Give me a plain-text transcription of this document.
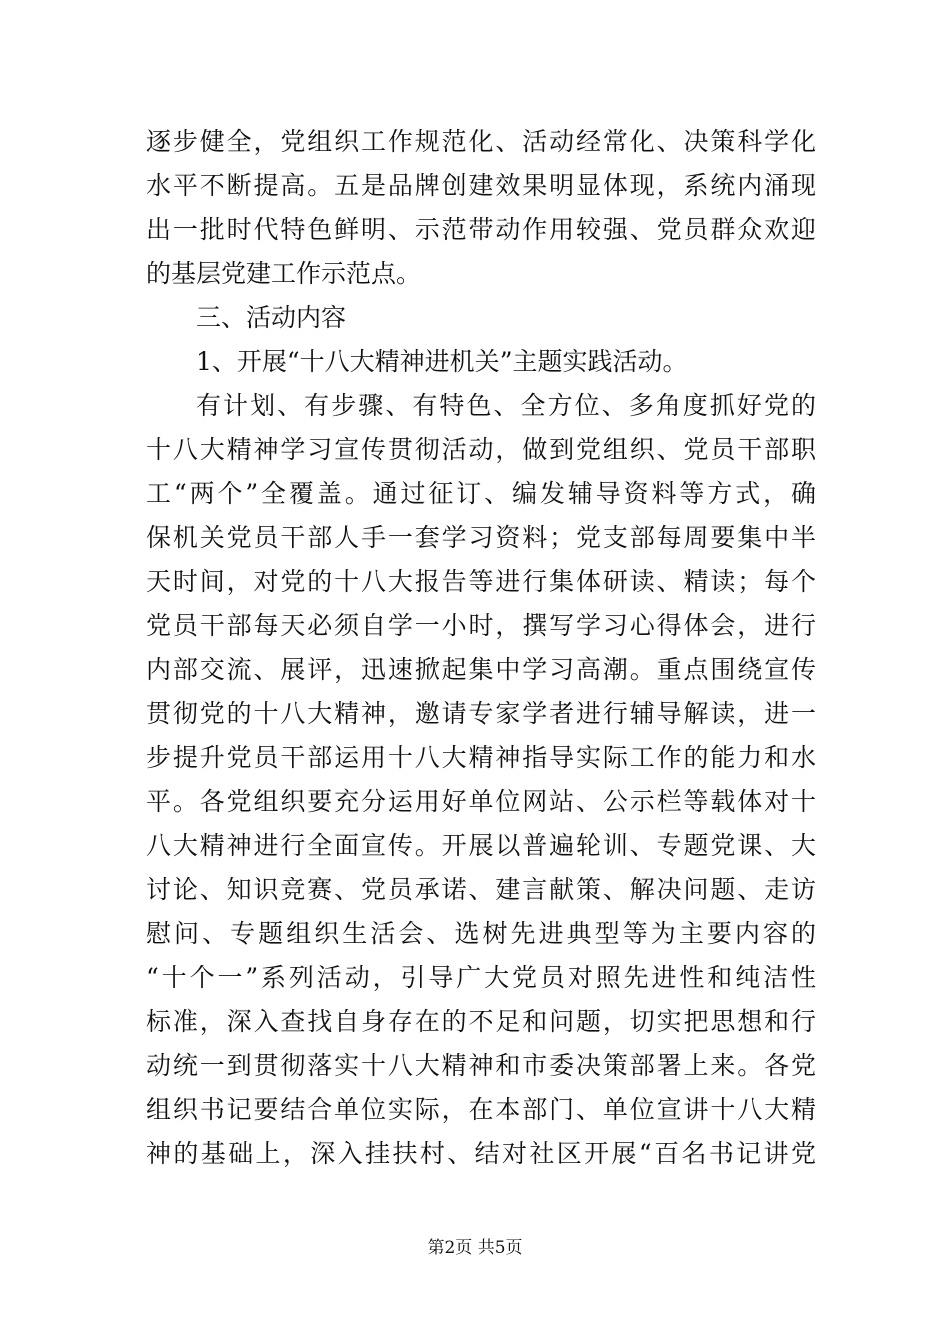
逐步健全，党组织工作规范化、活动经常化、决策科学化
水平不断提高。五是品牌创建效果明显体现，系统内涌现
出一批时代特色鲜明、示范带动作用较强、党员群众欢迎
的基层党建工作示范点。
三、活动内容
1、开展“十八大精神进机关”主题实践活动。
有计划、有步骤、有特色、全方位、多角度抓好党的
十八大精神学习宣传贯彻活动，做到党组织、党员干部职
工“两个”全覆盖。通过征订、编发辅导资料等方式，确
保机关党员干部人手一套学习资料；党支部每周要集中半
天时间，对党的十八大报告等进行集体研读、精读；每个
党员干部每天必须自学一小时，撰写学习心得体会，进行
内部交流、展评，迅速掀起集中学习高潮。重点围绕宣传
贯彻党的十八大精神，邀请专家学者进行辅导解读，进一
步提升党员干部运用十八大精神指导实际工作的能力和水
平。各党组织要充分运用好单位网站、公示栏等载体对十
八大精神进行全面宣传。开展以普遍轮训、专题党课、大
讨论、知识竞赛、党员承诺、建言献策、解决问题、走访
慰问、专题组织生活会、选树先进典型等为主要内容的
“十个一”系列活动，引导广大党员对照先进性和纯洁性
标准，深入查找自身存在的不足和问题，切实把思想和行
动统一到贯彻落实十八大精神和市委决策部署上来。各党
组织书记要结合单位实际，在本部门、单位宣讲十八大精
神的基础上，深入挂扶村、结对社区开展“百名书记讲党
第2页 共5页
